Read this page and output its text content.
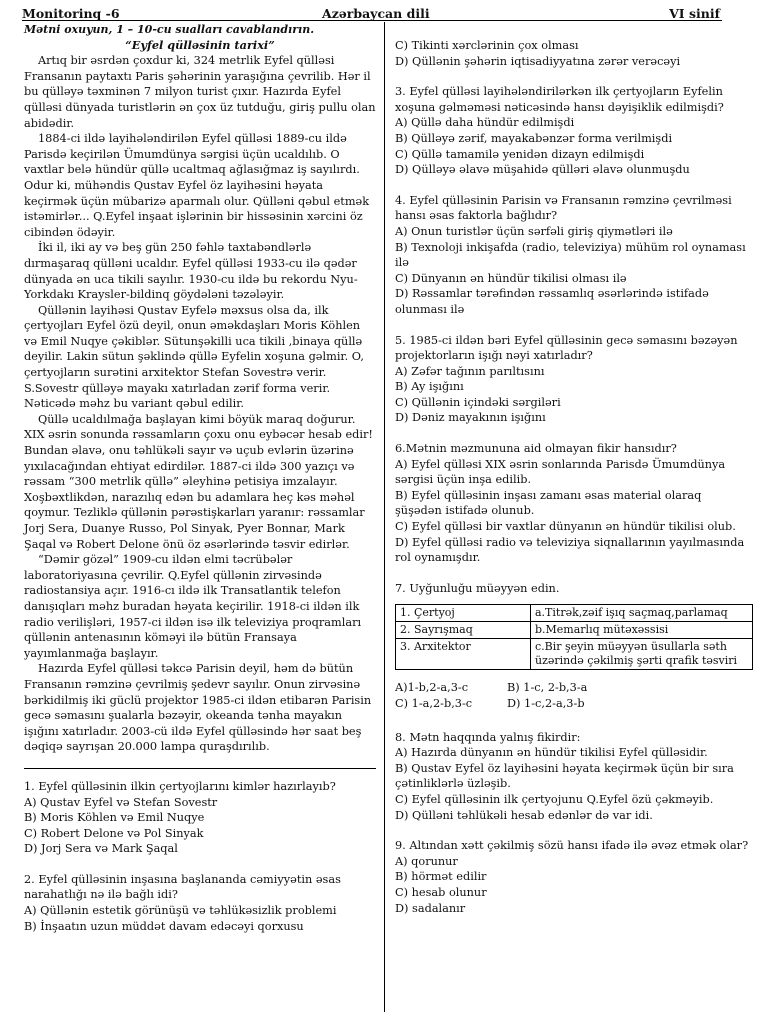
Monitorinq -6	Azərbaycan dili	VI sinif

Mətni oxuyun, 1 – 10-cu sualları cavablandırın.

“Eyfel qülləsinin tarixi”

Artıq bir əsrdən çoxdur ki, 324 metrlik Eyfel qülləsi Fransanın paytaxtı Paris şəhərinin yaraşığına çevrilib. Hər il bu qülləyə təxminən 7 milyon turist çıxır. Hazırda Eyfel qülləsi dünyada turistlərin ən çox üz tutduğu, giriş pullu olan abidədir.

1884-ci ildə layihələndirilən Eyfel qülləsi 1889-cu ildə Parisdə keçirilən Ümumdünya sərgisi üçün ucaldılıb. O vaxtlar belə hündür qüllə ucaltmaq ağlasığmaz iş sayılırdı. Odur ki, mühəndis Qustav Eyfel öz layihəsini həyata keçirmək üçün mübarizə aparmalı olur. Qülləni qəbul etmək istəmirlər... Q.Eyfel inşaat işlərinin bir hissəsinin xərcini öz cibindən ödəyir.

İki il, iki ay və beş gün 250 fəhlə taxtabəndlərlə dırmaşaraq qülləni ucaldır. Eyfel qülləsi 1933-cu ilə qədər dünyada ən uca tikili sayılır. 1930-cu ildə bu rekordu Nyu-Yorkdakı Kraysler-bildinq göydələni təzələyir.

Qüllənin layihəsi Qustav Eyfelə məxsus olsa da, ilk çertyojları Eyfel özü deyil, onun əməkdaşları Moris Köhlen və Emil Nuqye çəkiblər. Sütunşəkilli uca tikili ,binaya qüllə deyilir. Lakin sütun şəklində qüllə Eyfelin xoşuna gəlmir. O, çertyojların surətini arxitektor Stefan Sovestrə verir. S.Sovestr qülləyə mayakı xatırladan zərif forma verir. Nəticədə məhz bu variant qəbul edilir.

Qüllə ucaldılmağa başlayan kimi böyük maraq doğurur. XIX əsrin sonunda rəssamların çoxu onu eybəcər hesab edir! Bundan əlavə, onu təhlükəli sayır və uçub evlərin üzərinə yıxılacağından ehtiyat edirdilər. 1887-ci ildə 300 yazıçı və rəssam “300 metrlik qüllə” əleyhinə petisiya imzalayır. Xoşbəxtlikdən, narazılıq edən bu adamlara heç kəs məhəl qoymur. Tezliklə qüllənin pərəstişkarları yaranır: rəssamlar Jorj Sera, Duanye Russo, Pol Sinyak, Pyer Bonnar, Mark Şaqal və Robert Delone önü öz əsərlərində təsvir edirlər.

“Dəmir gözəl” 1909-cu ildən elmi təcrübələr laboratoriyasına çevrilir. Q.Eyfel qüllənin zirvəsində radiostansiya açır. 1916-cı ildə ilk Transatlantik telefon danışıqları məhz buradan həyata keçirilir. 1918-ci ildən ilk radio verilişləri, 1957-ci ildən isə ilk televiziya proqramları qüllənin antenasının köməyi ilə bütün Fransaya yayımlanmağa başlayır.

Hazırda Eyfel qülləsi təkcə Parisin deyil, həm də bütün Fransanın rəmzinə çevrilmiş şedevr sayılır. Onun zirvəsinə bərkidilmiş iki güclü projektor 1985-ci ildən etibarən Parisin gecə səmasını şualarla bəzəyir, okeanda tənha mayakın işığını xatırladır. 2003-cü ildə Eyfel qülləsində hər saat beş dəqiqə sayrışan 20.000 lampa quraşdırılıb.

1. Eyfel qülləsinin ilkin çertyojlarını kimlər hazırlayıb?

A) Qustav Eyfel və Stefan Sovestr

B) Moris Köhlen və Emil Nuqye

C) Robert Delone və Pol Sinyak

D) Jorj Sera və Mark Şaqal

2. Eyfel qülləsinin inşasına başlananda cəmiyyətin əsas narahatlığı nə ilə bağlı idi?

A) Qüllənin estetik görünüşü və təhlükəsizlik problemi

B) İnşaatın uzun müddət davam edəcəyi qorxusu

C) Tikinti xərclərinin çox olması

D) Qüllənin şəhərin iqtisadiyyatına zərər verəcəyi

3. Eyfel qülləsi layihələndirilərkən ilk çertyojların Eyfelin xoşuna gəlməməsi nəticəsində hansı dəyişiklik edilmişdi?

A) Qüllə daha hündür edilmişdi

B) Qülləyə zərif, mayakabənzər forma verilmişdi

C) Qüllə tamamilə yenidən dizayn edilmişdi

D) Qülləyə əlavə müşahidə qülləri əlavə olunmuşdu

4. Eyfel qülləsinin Parisin və Fransanın rəmzinə çevrilməsi hansı əsas faktorla bağlıdır?

A) Onun turistlər üçün sərfəli giriş qiymətləri ilə

B) Texnoloji inkişafda (radio, televiziya) mühüm rol oynaması ilə

C) Dünyanın ən hündür tikilisi olması ilə

D) Rəssamlar tərəfindən rəssamlıq əsərlərində istifadə olunması ilə

5. 1985-ci ildən bəri Eyfel qülləsinin gecə səmasını bəzəyən projektorların işığı nəyi xatırladır?

A) Zəfər tağının parıltısını

B) Ay işığını

C) Qüllənin içindəki sərgiləri

D) Dəniz mayakının işığını

6.Mətnin məzmununa aid olmayan fikir hansıdır?

A) Eyfel qülləsi XIX əsrin sonlarında Parisdə Ümumdünya sərgisi üçün inşa edilib.

B) Eyfel qülləsinin inşası zamanı əsas material olaraq şüşədən istifadə olunub.

C) Eyfel qülləsi bir vaxtlar dünyanın ən hündür tikilisi olub.

D) Eyfel qülləsi radio və televiziya siqnallarının yayılmasında rol oynamışdır.

7. Uyğunluğu müəyyən edin.

1. Çertyoj	a.Titrək,zəif işıq saçmaq,parlamaq
2. Sayrışmaq	b.Memarlıq mütəxəssisi
3. Arxitektor	c.Bir şeyin müəyyən üsullarla səth üzərində çəkilmiş şərti qrafik təsviri
A)1-b,2-a,3-c	B) 1-c, 2-b,3-a
C) 1-a,2-b,3-c	D) 1-c,2-a,3-b

8. Mətn haqqında yalnış fikirdir:

A) Hazırda dünyanın ən hündür tikilisi Eyfel qülləsidir.

B) Qustav Eyfel öz layihəsini həyata keçirmək üçün bir sıra çətinliklərlə üzləşib.

C) Eyfel qülləsinin ilk çertyojunu Q.Eyfel özü çəkməyib.

D) Qülləni təhlükəli hesab edənlər də var idi.

9. Altından xətt çəkilmiş sözü hansı ifadə ilə əvəz etmək olar?

A) qorunur

B) hörmət edilir

C) hesab olunur

D) sadalanır
